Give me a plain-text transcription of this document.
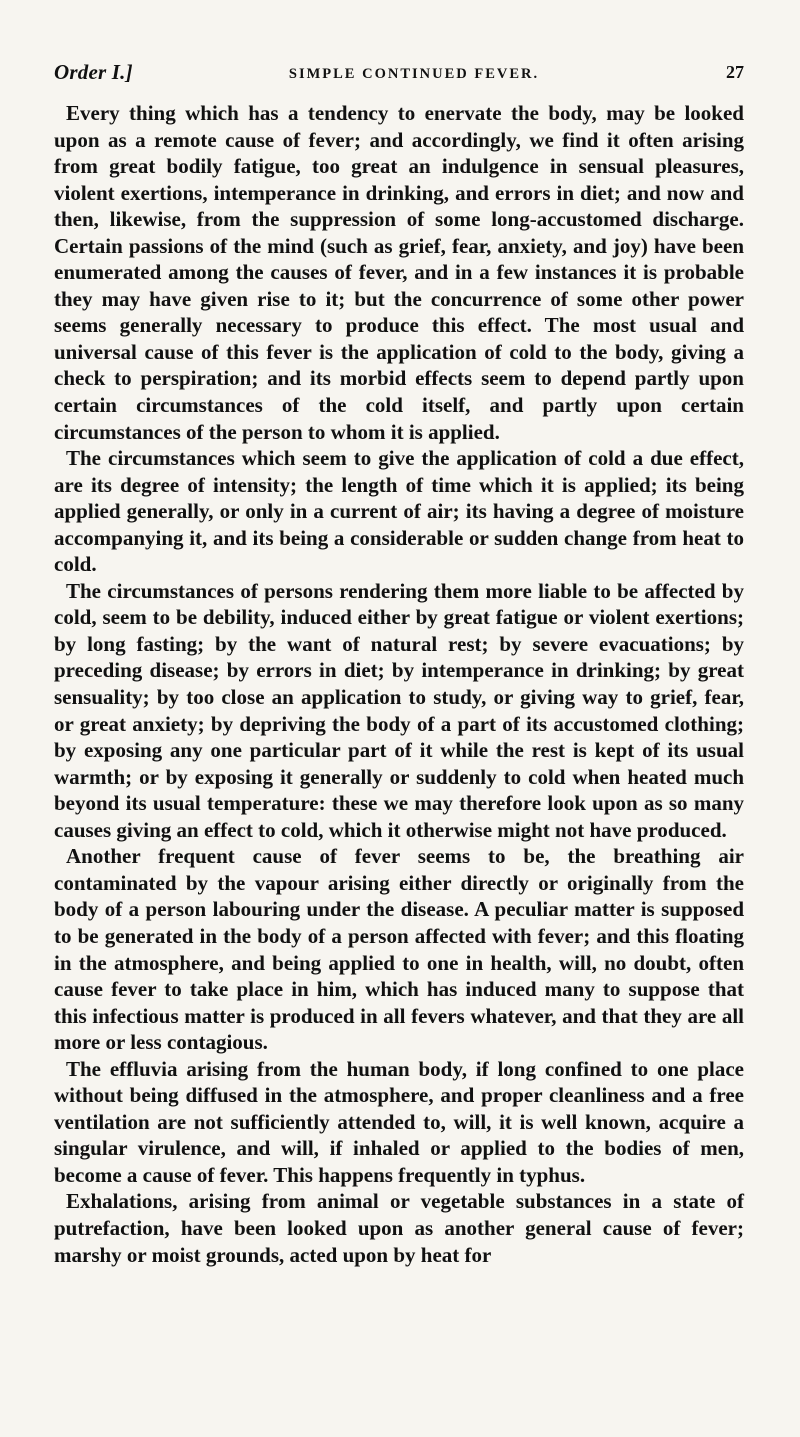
Order I.]	SIMPLE CONTINUED FEVER.	27

Every thing which has a tendency to enervate the body, may be looked upon as a remote cause of fever; and accordingly, we find it often arising from great bodily fatigue, too great an indulgence in sensual pleasures, violent exertions, intemperance in drinking, and errors in diet; and now and then, likewise, from the suppression of some long-accustomed discharge. Certain passions of the mind (such as grief, fear, anxiety, and joy) have been enumerated among the causes of fever, and in a few instances it is probable they may have given rise to it; but the concurrence of some other power seems generally necessary to produce this effect. The most usual and universal cause of this fever is the application of cold to the body, giving a check to perspiration; and its morbid effects seem to depend partly upon certain circumstances of the cold itself, and partly upon certain circumstances of the person to whom it is applied.

The circumstances which seem to give the application of cold a due effect, are its degree of intensity; the length of time which it is applied; its being applied generally, or only in a current of air; its having a degree of moisture accompanying it, and its being a considerable or sudden change from heat to cold.

The circumstances of persons rendering them more liable to be affected by cold, seem to be debility, induced either by great fatigue or violent exertions; by long fasting; by the want of natural rest; by severe evacuations; by preceding disease; by errors in diet; by intemperance in drinking; by great sensuality; by too close an application to study, or giving way to grief, fear, or great anxiety; by depriving the body of a part of its accustomed clothing; by exposing any one particular part of it while the rest is kept of its usual warmth; or by exposing it generally or suddenly to cold when heated much beyond its usual temperature: these we may therefore look upon as so many causes giving an effect to cold, which it otherwise might not have produced.

Another frequent cause of fever seems to be, the breathing air contaminated by the vapour arising either directly or originally from the body of a person labouring under the disease. A peculiar matter is supposed to be generated in the body of a person affected with fever; and this floating in the atmosphere, and being applied to one in health, will, no doubt, often cause fever to take place in him, which has induced many to suppose that this infectious matter is produced in all fevers whatever, and that they are all more or less contagious.

The effluvia arising from the human body, if long confined to one place without being diffused in the atmosphere, and proper cleanliness and a free ventilation are not sufficiently attended to, will, it is well known, acquire a singular virulence, and will, if inhaled or applied to the bodies of men, become a cause of fever. This happens frequently in typhus.

Exhalations, arising from animal or vegetable substances in a state of putrefaction, have been looked upon as another general cause of fever; marshy or moist grounds, acted upon by heat for
